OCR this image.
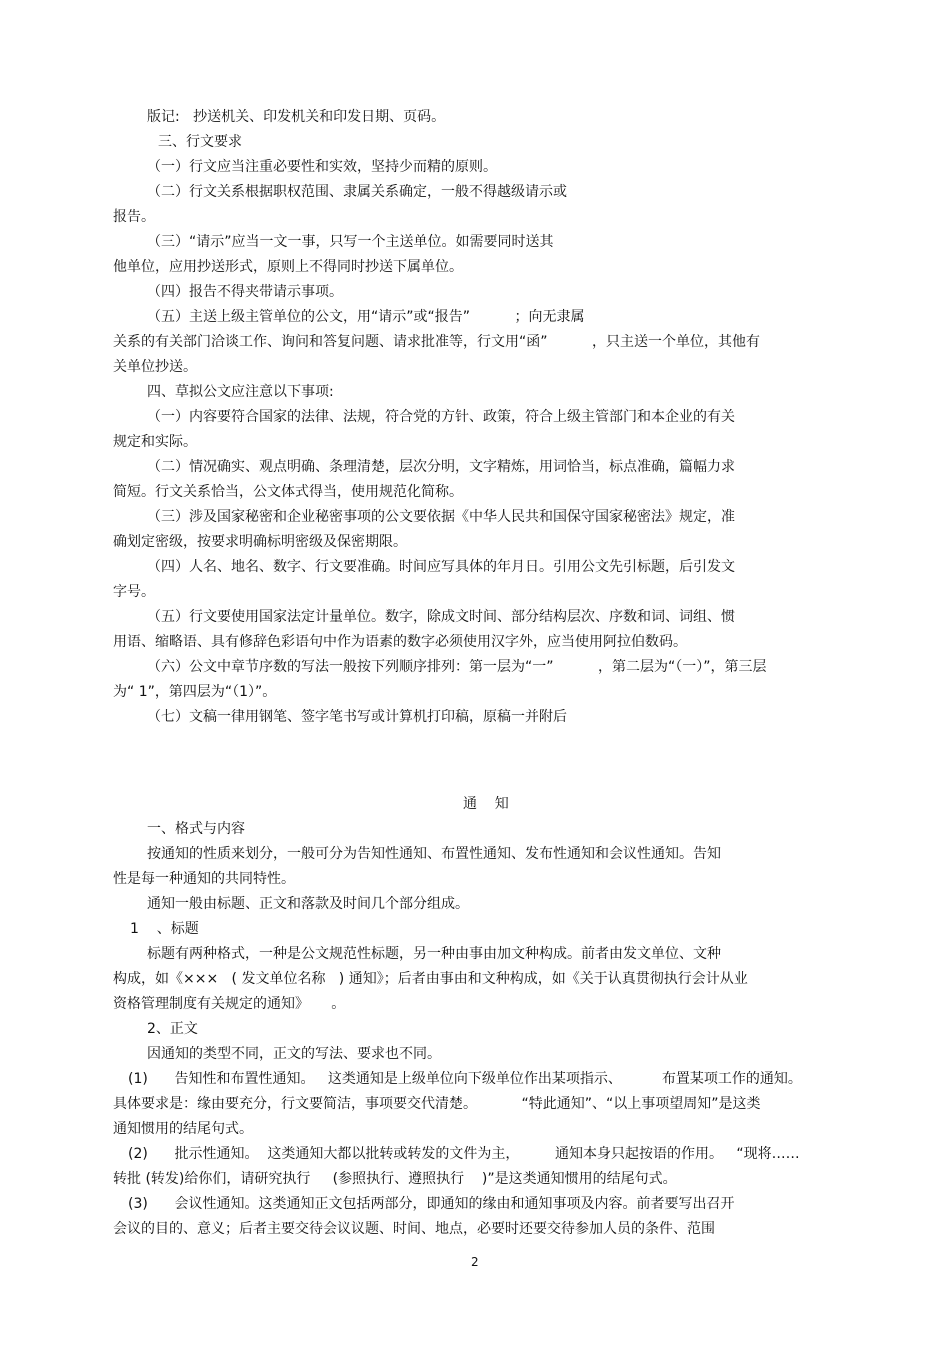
版记:   抄送机关、印发机关和印发日期、页码。
三、行文要求
（一）行文应当注重必要性和实效，坚持少而精的原则。
（二）行文关系根据职权范围、隶属关系确定，一般不得越级请示或
报告。
（三）“请示”应当一文一事，只写一个主送单位。如需要同时送其
他单位，应用抄送形式，原则上不得同时抄送下属单位。
（四）报告不得夹带请示事项。
（五）主送上级主管单位的公文，用“请示”或“报告”          ；向无隶属
关系的有关部门洽谈工作、询问和答复问题、请求批准等，行文用“函”          ，只主送一个单位，其他有
关单位抄送。
四、草拟公文应注意以下事项:
（一）内容要符合国家的法律、法规，符合党的方针、政策，符合上级主管部门和本企业的有关
规定和实际。
（二）情况确实、观点明确、条理清楚，层次分明，文字精炼，用词恰当，标点准确，篇幅力求
简短。行文关系恰当，公文体式得当，使用规范化简称。
（三）涉及国家秘密和企业秘密事项的公文要依据《中华人民共和国保守国家秘密法》规定，准
确划定密级，按要求明确标明密级及保密期限。
（四）人名、地名、数字、行文要准确。时间应写具体的年月日。引用公文先引标题，后引发文
字号。
（五）行文要使用国家法定计量单位。数字，除成文时间、部分结构层次、序数和词、词组、惯
用语、缩略语、具有修辞色彩语句中作为语素的数字必须使用汉字外，应当使用阿拉伯数码。
（六）公文中章节序数的写法一般按下列顺序排列：第一层为“一”          ，第二层为“（一）”，第三层
为“ 1”，第四层为“（1）”。
（七）文稿一律用钢笔、签字笔书写或计算机打印稿，原稿一并附后
一、格式与内容
按通知的性质来划分，一般可分为告知性通知、布置性通知、发布性通知和会议性通知。告知
性是每一种通知的共同特性。
通知一般由标题、正文和落款及时间几个部分组成。
1    、标题
标题有两种格式，一种是公文规范性标题，另一种由事由加文种构成。前者由发文单位、文种
构成，如《×××   ( 发文单位名称   ) 通知》；后者由事由和文种构成，如《关于认真贯彻执行会计从业
资格管理制度有关规定的通知》     。
2、正文
因通知的类型不同，正文的写法、要求也不同。
(1)      告知性和布置性通知。   这类通知是上级单位向下级单位作出某项指示、         布置某项工作的通知。
具体要求是：缘由要充分，行文要简洁，事项要交代清楚。          “特此通知”、“以上事项望周知”是这类
通知惯用的结尾句式。
(2)      批示性通知。  这类通知大都以批转或转发的文件为主，        通知本身只起按语的作用。   “现将……
转批 (转发)给你们，请研究执行     (参照执行、遵照执行    )”是这类通知惯用的结尾句式。
(3)      会议性通知。这类通知正文包括两部分，即通知的缘由和通知事项及内容。前者要写出召开
会议的目的、意义；后者主要交待会议议题、时间、地点，必要时还要交待参加人员的条件、范围
通    知
2
